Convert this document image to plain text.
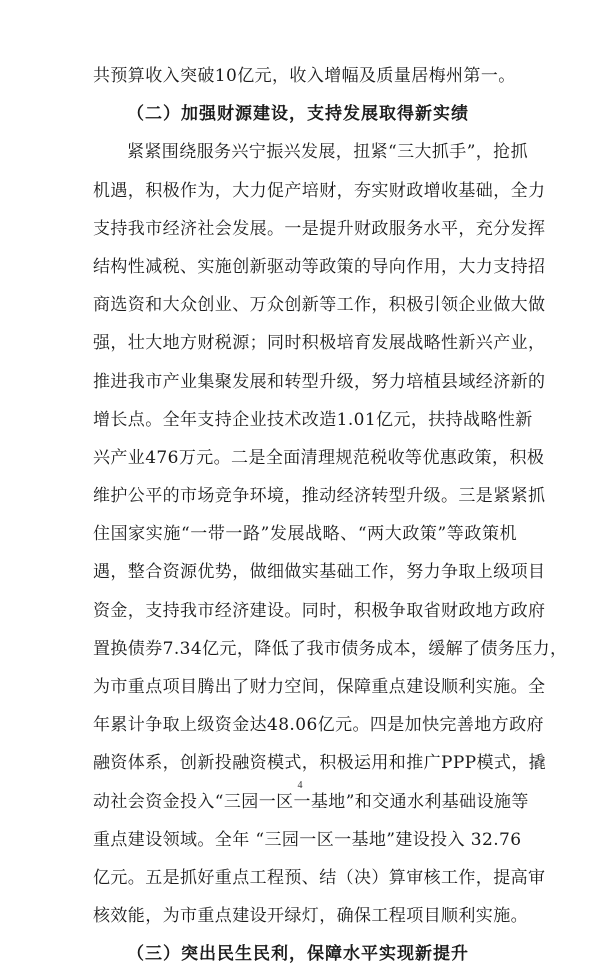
共预算收入突破10亿元，收入增幅及质量居梅州第一。
（二）加强财源建设，支持发展取得新实绩
紧紧围绕服务兴宁振兴发展，扭紧“三大抓手”，抢抓
机遇，积极作为，大力促产培财，夯实财政增收基础，全力
支持我市经济社会发展。一是提升财政服务水平，充分发挥
结构性减税、实施创新驱动等政策的导向作用，大力支持招
商选资和大众创业、万众创新等工作，积极引领企业做大做
强，壮大地方财税源；同时积极培育发展战略性新兴产业，
推进我市产业集聚发展和转型升级，努力培植县域经济新的
增长点。全年支持企业技术改造1.01亿元，扶持战略性新
兴产业476万元。二是全面清理规范税收等优惠政策，积极
维护公平的市场竞争环境，推动经济转型升级。三是紧紧抓
住国家实施“一带一路”发展战略、“两大政策”等政策机
遇，整合资源优势，做细做实基础工作，努力争取上级项目
资金，支持我市经济建设。同时，积极争取省财政地方政府
置换债券7.34亿元，降低了我市债务成本，缓解了债务压力，
为市重点项目腾出了财力空间，保障重点建设顺利实施。全
年累计争取上级资金达48.06亿元。四是加快完善地方政府
融资体系，创新投融资模式，积极运用和推广PPP模式，撬
动社会资金投入“三园一区一基地”和交通水利基础设施等
重点建设领域。全年 “三园一区一基地”建设投入 32.76
亿元。五是抓好重点工程预、结（决）算审核工作，提高审
核效能，为市重点建设开绿灯，确保工程项目顺利实施。
（三）突出民生民利，保障水平实现新提升
4
